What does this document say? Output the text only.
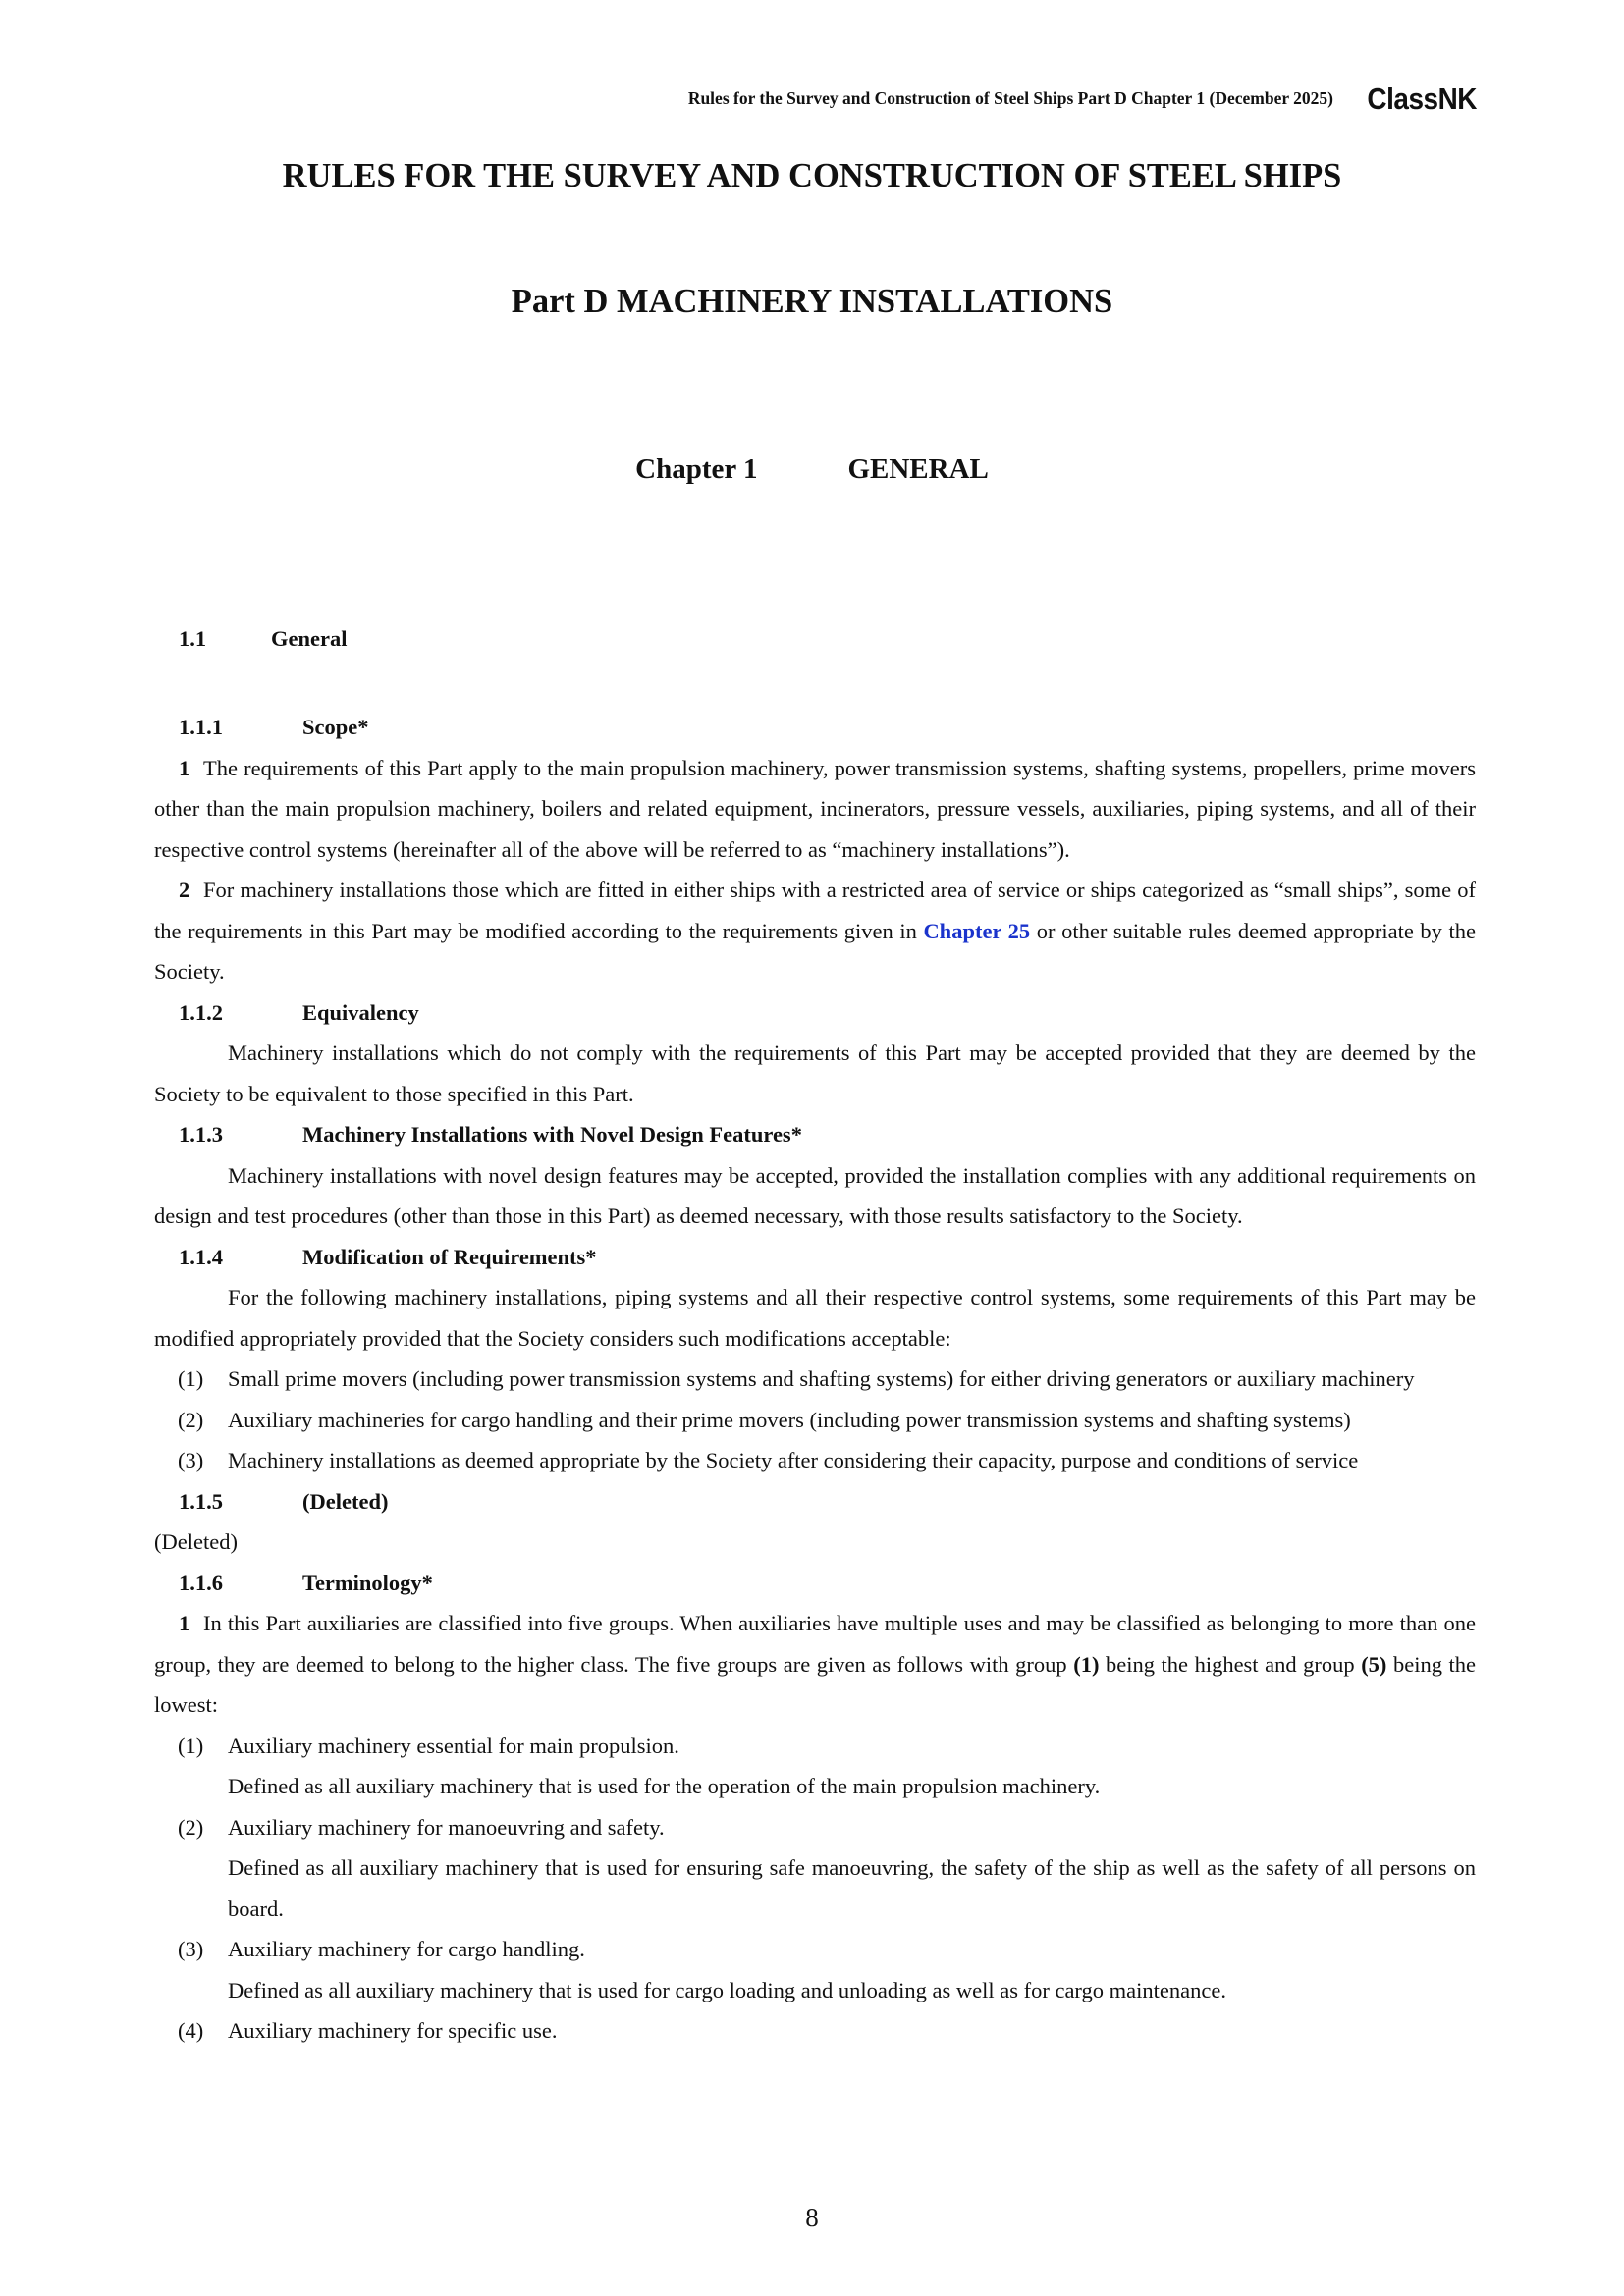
Rules for the Survey and Construction of Steel Ships Part D Chapter 1 (December 2025) ClassNK
RULES FOR THE SURVEY AND CONSTRUCTION OF STEEL SHIPS
Part D MACHINERY INSTALLATIONS
Chapter 1	GENERAL
1.1	General

1.1.1	Scope*

1 The requirements of this Part apply to the main propulsion machinery, power transmission systems, shafting systems, propellers, prime movers other than the main propulsion machinery, boilers and related equipment, incinerators, pressure vessels, auxiliaries, piping systems, and all of their respective control systems (hereinafter all of the above will be referred to as “machinery installations”).

2 For machinery installations those which are fitted in either ships with a restricted area of service or ships categorized as “small ships”, some of the requirements in this Part may be modified according to the requirements given in Chapter 25 or other suitable rules deemed appropriate by the Society.

1.1.2	Equivalency

Machinery installations which do not comply with the requirements of this Part may be accepted provided that they are deemed by the Society to be equivalent to those specified in this Part.

1.1.3	Machinery Installations with Novel Design Features*

Machinery installations with novel design features may be accepted, provided the installation complies with any additional requirements on design and test procedures (other than those in this Part) as deemed necessary, with those results satisfactory to the Society.

1.1.4	Modification of Requirements*

For the following machinery installations, piping systems and all their respective control systems, some requirements of this Part may be modified appropriately provided that the Society considers such modifications acceptable:

(1) Small prime movers (including power transmission systems and shafting systems) for either driving generators or auxiliary machinery

(2) Auxiliary machineries for cargo handling and their prime movers (including power transmission systems and shafting systems)

(3) Machinery installations as deemed appropriate by the Society after considering their capacity, purpose and conditions of service

1.1.5	(Deleted)

(Deleted)

1.1.6	Terminology*

1 In this Part auxiliaries are classified into five groups. When auxiliaries have multiple uses and may be classified as belonging to more than one group, they are deemed to belong to the higher class. The five groups are given as follows with group (1) being the highest and group (5) being the lowest:

(1) Auxiliary machinery essential for main propulsion.

Defined as all auxiliary machinery that is used for the operation of the main propulsion machinery.

(2) Auxiliary machinery for manoeuvring and safety.

Defined as all auxiliary machinery that is used for ensuring safe manoeuvring, the safety of the ship as well as the safety of all persons on board.

(3) Auxiliary machinery for cargo handling.

Defined as all auxiliary machinery that is used for cargo loading and unloading as well as for cargo maintenance.

(4) Auxiliary machinery for specific use.

8
